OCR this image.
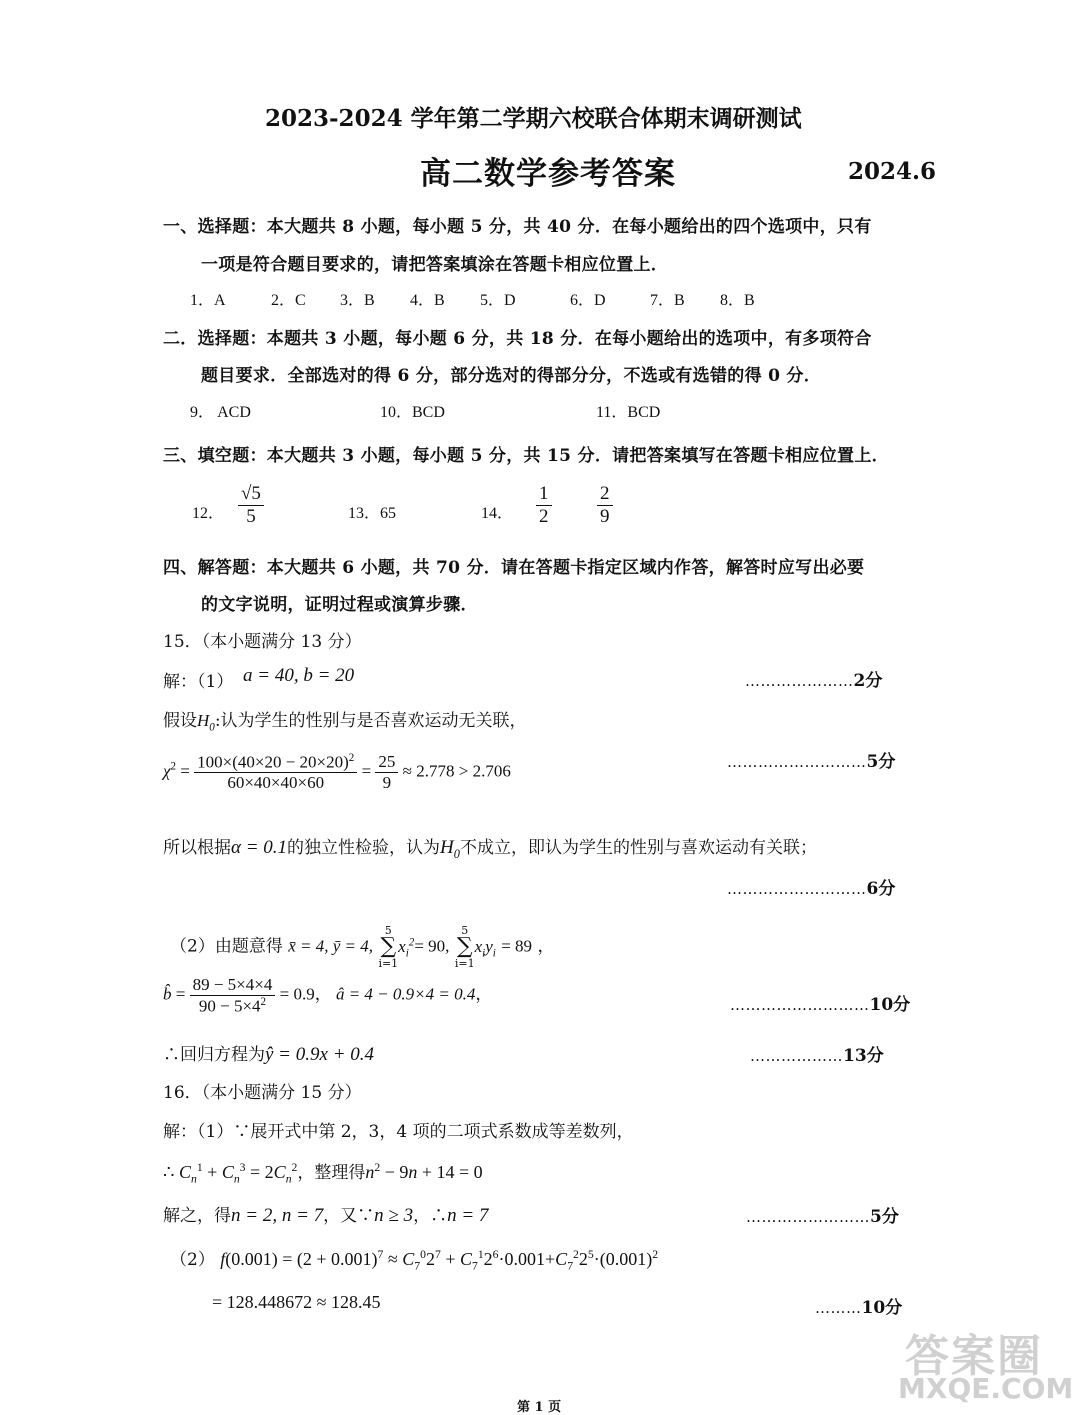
2023-2024 学年第二学期六校联合体期末调研测试
高二数学参考答案	2024.6
一、选择题：本大题共 8 小题，每小题 5 分，共 40 分．在每小题给出的四个选项中，只有
一项是符合题目要求的，请把答案填涂在答题卡相应位置上．
1．A	2．C 3．B 4．B 5．D	6．D	7．B 8．B
二．选择题：本题共 3 小题，每小题 6 分，共 18 分．在每小题给出的选项中，有多项符合
题目要求．全部选对的得 6 分，部分选对的得部分分，不选或有选错的得 0 分．
9． ACD	10．BCD	11．BCD
三、填空题：本大题共 3 小题，每小题 5 分，共 15 分．请把答案填写在答题卡相应位置上．
12． $\frac{√5}{5}$	13．65	14． $\frac{1}{2} \frac{2}{9}$
四、解答题：本大题共 6 小题，共 70 分．请在答题卡指定区域内作答，解答时应写出必要
的文字说明，证明过程或演算步骤．
15．（本小题满分 13 分）
解：（1） a = 40, b = 20	…………………2分
假设$H_0$:认为学生的性别与是否喜欢运动无关联，
………………………5分
$\chi^2 = \frac{100\times(40\times 20 - 20\times 20)^2}{60\times 40\times 40\times 60} = \frac{25}{9} \approx 2.778 > 2.706$
所以根据α = 0.1的独立性检验，认为$H_0$不成立，即认为学生的性别与喜欢运动有关联；
………………………6分
（2）由题意得 x̄ = 4, ȳ = 4,
5
∑
i=1
$x_i^2= 90$,
5
∑
i=1
$x_iy_i = 89$ ，
b̂ = $\frac{89 - 5\times 4\times 4}{90 - 5\times 4^2} = 0.9$， â = 4 − 0.9×4 = 0.4，
………………………10分
∴回归方程为ŷ = 0.9x + 0.4	………………13分
16．（本小题满分 15 分）
解：（1）∵展开式中第 2，3，4 项的二项式系数成等差数列，
∴ $C_n^1 + C_n^3 = 2C_n^2$，整理得$n^2 - 9n + 14 = 0$
解之，得n = 2, n = 7，又∵n ≥ 3，∴n = 7	……………………5分
（2） $f(0.001) = (2 + 0.001)^7 \approx C_7^02^7 + C_7^12^6\cdot 0.001+C_7^22^5\cdot(0.001)^2$
= 128.448672 ≈ 128.45	………10分
第 1 页
答案圈
MXQE.COM
